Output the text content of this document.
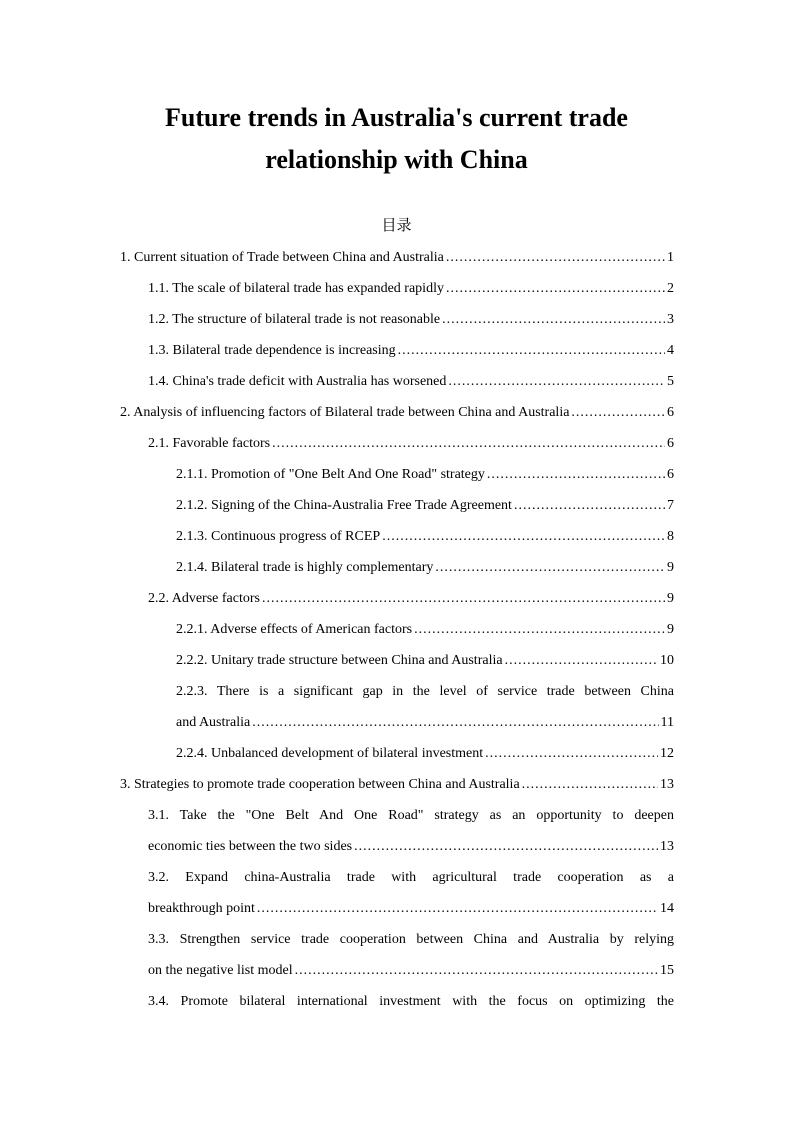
Future trends in Australia's current trade
relationship with China
目录
1. Current situation of Trade between China and Australia .....	1
1.1. The scale of bilateral trade has expanded rapidly .....	2
1.2. The structure of bilateral trade is not reasonable .....	3
1.3. Bilateral trade dependence is increasing .....	4
1.4. China's trade deficit with Australia has worsened .....	5
2. Analysis of influencing factors of Bilateral trade between China and Australia .....	6
2.1. Favorable factors .....	6
2.1.1. Promotion of "One Belt And One Road" strategy .....	6
2.1.2. Signing of the China-Australia Free Trade Agreement .....	7
2.1.3. Continuous progress of RCEP .....	8
2.1.4. Bilateral trade is highly complementary .....	9
2.2. Adverse factors .....	9
2.2.1. Adverse effects of American factors .....	9
2.2.2. Unitary trade structure between China and Australia .....	10
2.2.3. There is a significant gap in the level of service trade between China
and Australia .....	11
2.2.4. Unbalanced development of bilateral investment .....	12
3. Strategies to promote trade cooperation between China and Australia .....	13
3.1. Take the "One Belt And One Road" strategy as an opportunity to deepen
economic ties between the two sides .....	13
3.2. Expand china-Australia trade with agricultural trade cooperation as a
breakthrough point .....	14
3.3. Strengthen service trade cooperation between China and Australia by relying
on the negative list model .....	15
3.4. Promote bilateral international investment with the focus on optimizing the
